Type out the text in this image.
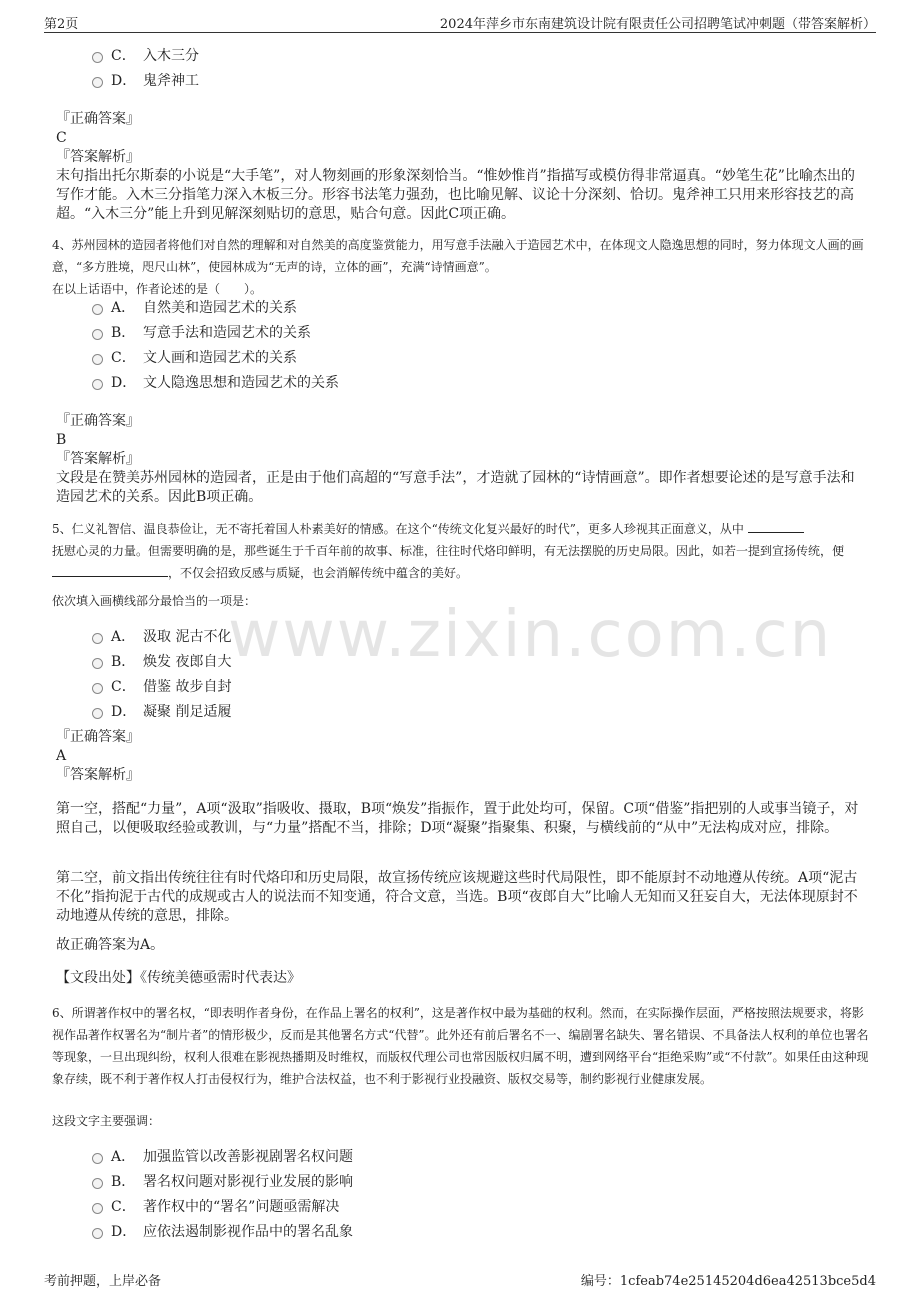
第2页	2024年萍乡市东南建筑设计院有限责任公司招聘笔试冲刺题（带答案解析）
www.zixin.com.cn
C． 入木三分
D． 鬼斧神工

『正确答案』

C

『答案解析』

末句指出托尔斯泰的小说是“大手笔”，对人物刻画的形象深刻恰当。“惟妙惟肖”指描写或模仿得非常逼真。“妙笔生花”比喻杰出的写作才能。入木三分指笔力深入木板三分。形容书法笔力强劲，也比喻见解、议论十分深刻、恰切。鬼斧神工只用来形容技艺的高超。“入木三分”能上升到见解深刻贴切的意思，贴合句意。因此C项正确。

4、苏州园林的造园者将他们对自然的理解和对自然美的高度鉴赏能力，用写意手法融入于造园艺术中，在体现文人隐逸思想的同时，努力体现文人画的画意，“多方胜境，咫尺山林”，使园林成为“无声的诗，立体的画”，充满“诗情画意”。

在以上话语中，作者论述的是（　　）。

A． 自然美和造园艺术的关系
B． 写意手法和造园艺术的关系
C． 文人画和造园艺术的关系
D． 文人隐逸思想和造园艺术的关系

『正确答案』

B

『答案解析』

文段是在赞美苏州园林的造园者，正是由于他们高超的“写意手法”，才造就了园林的“诗情画意”。即作者想要论述的是写意手法和造园艺术的关系。因此B项正确。

5、仁义礼智信、温良恭俭让，无不寄托着国人朴素美好的情感。在这个“传统文化复兴最好的时代”，更多人珍视其正面意义，从中

抚慰心灵的力量。但需要明确的是，那些诞生于千百年前的故事、标准，往往时代烙印鲜明，有无法摆脱的历史局限。因此，如若一提到宣扬传统，便 ，不仅会招致反感与质疑，也会消解传统中蕴含的美好。

依次填入画横线部分最恰当的一项是：
A． 汲取 泥古不化
B． 焕发 夜郎自大
C． 借鉴 故步自封
D． 凝聚 削足适履

『正确答案』

A

『答案解析』

第一空，搭配“力量”，A项“汲取”指吸收、摄取，B项“焕发”指振作，置于此处均可，保留。C项“借鉴”指把别的人或事当镜子，对照自己，以便吸取经验或教训，与“力量”搭配不当，排除；D项“凝聚”指聚集、积聚，与横线前的“从中”无法构成对应，排除。
第二空，前文指出传统往往有时代烙印和历史局限，故宣扬传统应该规避这些时代局限性，即不能原封不动地遵从传统。A项“泥古不化”指拘泥于古代的成规或古人的说法而不知变通，符合文意，当选。B项“夜郎自大”比喻人无知而又狂妄自大，无法体现原封不动地遵从传统的意思，排除。
故正确答案为A。
【文段出处】《传统美德亟需时代表达》
6、所谓著作权中的署名权，“即表明作者身份，在作品上署名的权利”，这是著作权中最为基础的权利。然而，在实际操作层面，严格按照法规要求，将影视作品著作权署名为“制片者”的情形极少，反而是其他署名方式“代替”。此外还有前后署名不一、编剧署名缺失、署名错误、不具备法人权利的单位也署名等现象，一旦出现纠纷，权利人很难在影视热播期及时维权，而版权代理公司也常因版权归属不明，遭到网络平台“拒绝采购”或“不付款”。如果任由这种现象存续，既不利于著作权人打击侵权行为，维护合法权益，也不利于影视行业投融资、版权交易等，制约影视行业健康发展。
这段文字主要强调：
A． 加强监管以改善影视剧署名权问题
B． 署名权问题对影视行业发展的影响
C． 著作权中的“署名”问题亟需解决
D． 应依法遏制影视作品中的署名乱象
考前押题，上岸必备	编号：1cfeab74e25145204d6ea42513bce5d4
